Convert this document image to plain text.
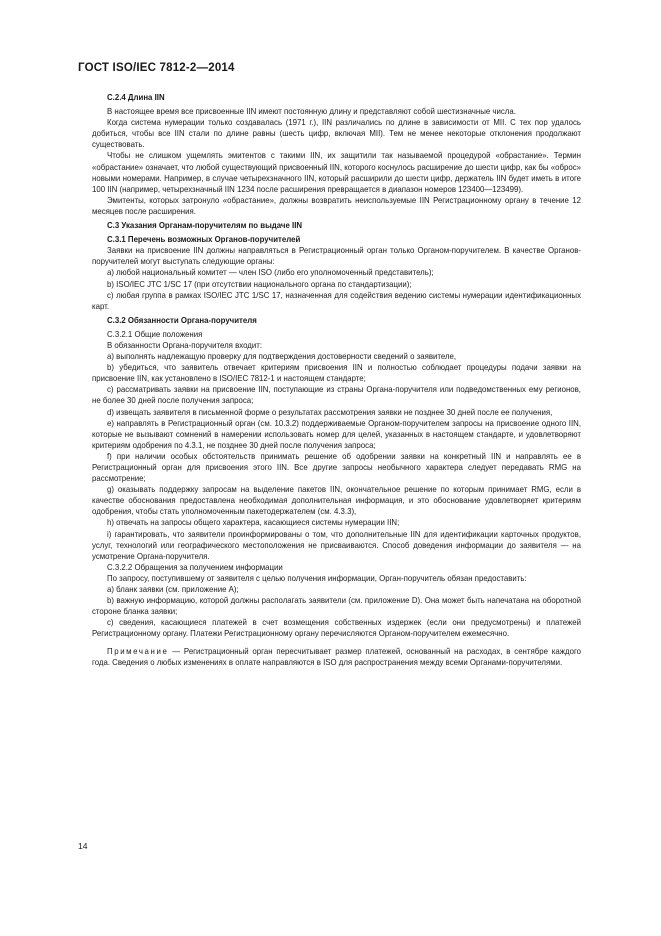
ГОСТ ISO/IEC 7812-2—2014

С.2.4 Длина IIN

В настоящее время все присвоенные IIN имеют постоянную длину и представляют собой шестизначные числа.

Когда система нумерации только создавалась (1971 г.), IIN различались по длине в зависимости от MII. С тех пор удалось добиться, чтобы все IIN стали по длине равны (шесть цифр, включая MII). Тем не менее некоторые отклонения продолжают существовать.

Чтобы не слишком ущемлять эмитентов с такими IIN, их защитили так называемой процедурой «обрастание». Термин «обрастание» означает, что любой существующий присвоенный IIN, которого коснулось расширение до шести цифр, как бы «оброс» новыми номерами. Например, в случае четырехзначного IIN, который расширили до шести цифр, держатель IIN будет иметь в итоге 100 IIN (например, четырехзначный IIN 1234 после расширения превращается в диапазон номеров 123400—123499).

Эмитенты, которых затронуло «обрастание», должны возвратить неиспользуемые IIN Регистрационному органу в течение 12 месяцев после расширения.

С.3 Указания Органам-поручителям по выдаче IIN

С.3.1 Перечень возможных Органов-поручителей

Заявки на присвоение IIN должны направляться в Регистрационный орган только Органом-поручителем. В качестве Органов-поручителей могут выступать следующие органы:

a) любой национальный комитет — член ISO (либо его уполномоченный представитель);

b) ISO/IEC JTC 1/SC 17 (при отсутствии национального органа по стандартизации);

c) любая группа в рамках ISO/IEC JTC 1/SC 17, назначенная для содействия ведению системы нумерации идентификационных карт.

С.3.2 Обязанности Органа-поручителя

С.3.2.1 Общие положения

В обязанности Органа-поручителя входит:

a) выполнять надлежащую проверку для подтверждения достоверности сведений о заявителе,

b) убедиться, что заявитель отвечает критериям присвоения IIN и полностью соблюдает процедуры подачи заявки на присвоение IIN, как установлено в ISO/IEC 7812-1 и настоящем стандарте;

c) рассматривать заявки на присвоение IIN, поступающие из страны Органа-поручителя или подведомственных ему регионов, не более 30 дней после получения запроса;

d) извещать заявителя в письменной форме о результатах рассмотрения заявки не позднее 30 дней после ее получения,

e) направлять в Регистрационный орган (см. 10.3.2) поддерживаемые Органом-поручителем запросы на присвоение одного IIN, которые не вызывают сомнений в намерении использовать номер для целей, указанных в настоящем стандарте, и удовлетворяют критериям одобрения по 4.3.1, не позднее 30 дней после получения запроса;

f) при наличии особых обстоятельств принимать решение об одобрении заявки на конкретный IIN и направлять ее в Регистрационный орган для присвоения этого IIN. Все другие запросы необычного характера следует передавать RMG на рассмотрение;

g) оказывать поддержку запросам на выделение пакетов IIN, окончательное решение по которым принимает RMG, если в качестве обоснования предоставлена необходимая дополнительная информация, и это обоснование удовлетворяет критериям одобрения, чтобы стать уполномоченным пакетодержателем (см. 4.3.3),

h) отвечать на запросы общего характера, касающиеся системы нумерации IIN;

i) гарантировать, что заявители проинформированы о том, что дополнительные IIN для идентификации карточных продуктов, услуг, технологий или географического местоположения не присваиваются. Способ доведения информации до заявителя — на усмотрение Органа-поручителя.

С.3.2.2 Обращения за получением информации

По запросу, поступившему от заявителя с целью получения информации, Орган-поручитель обязан предоставить:

a) бланк заявки (см. приложение А);

b) важную информацию, которой должны располагать заявители (см. приложение D). Она может быть напечатана на оборотной стороне бланка заявки;

c) сведения, касающиеся платежей в счет возмещения собственных издержек (если они предусмотрены) и платежей Регистрационному органу. Платежи Регистрационному органу перечисляются Органом-поручителем ежемесячно.

Примечание — Регистрационный орган пересчитывает размер платежей, основанный на расходах, в сентябре каждого года. Сведения о любых изменениях в оплате направляются в ISO для распространения между всеми Органами-поручителями.

14
